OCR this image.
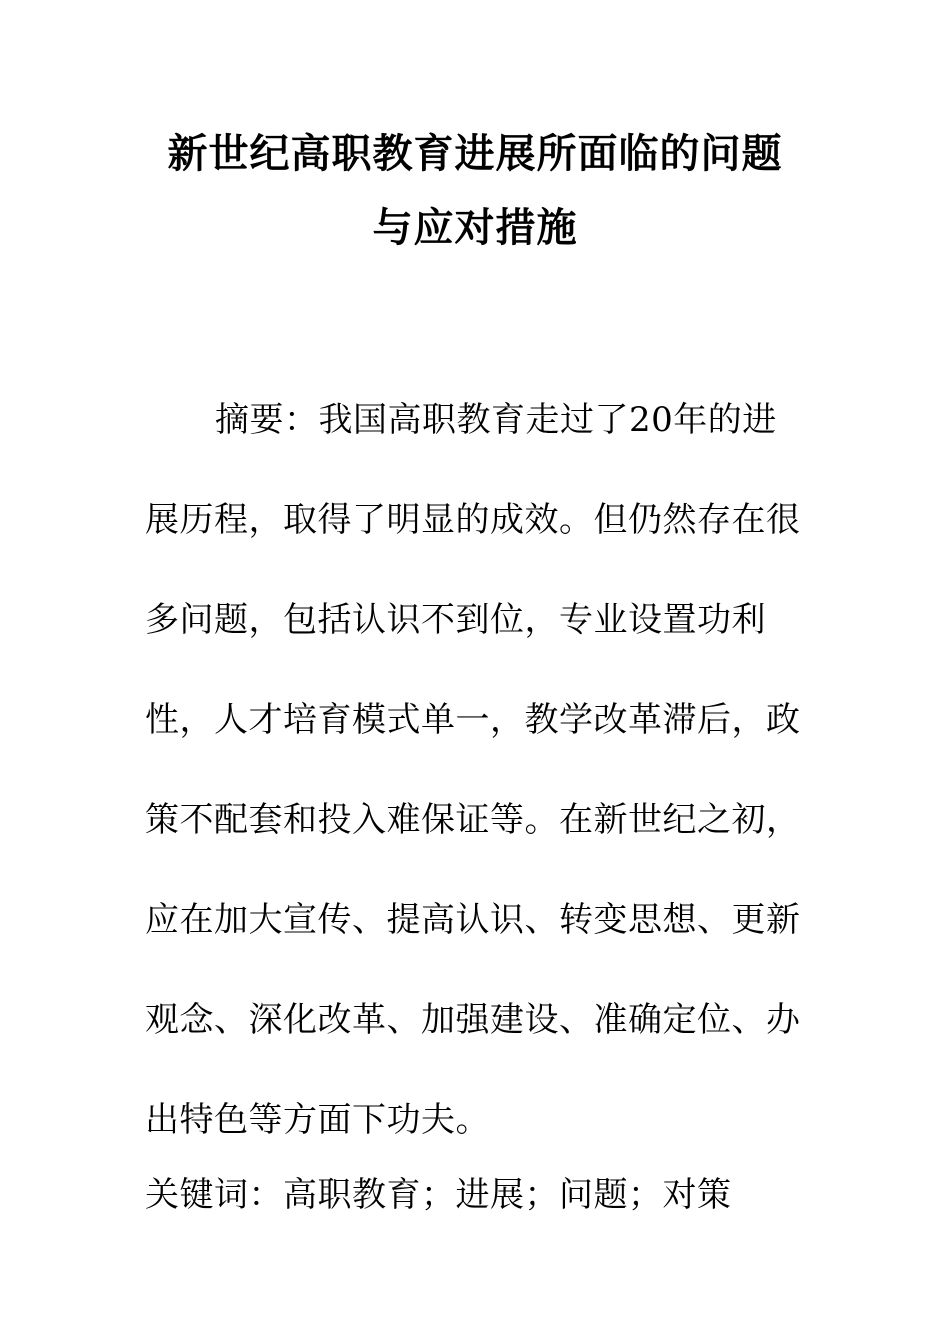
新世纪高职教育进展所面临的问题
与应对措施

摘要：我国高职教育走过了20年的进展历程，取得了明显的成效。但仍然存在很多问题，包括认识不到位，专业设置功利性，人才培育模式单一，教学改革滞后，政策不配套和投入难保证等。在新世纪之初，应在加大宣传、提高认识、转变思想、更新观念、深化改革、加强建设、准确定位、办出特色等方面下功夫。

关键词：高职教育；进展；问题；对策
